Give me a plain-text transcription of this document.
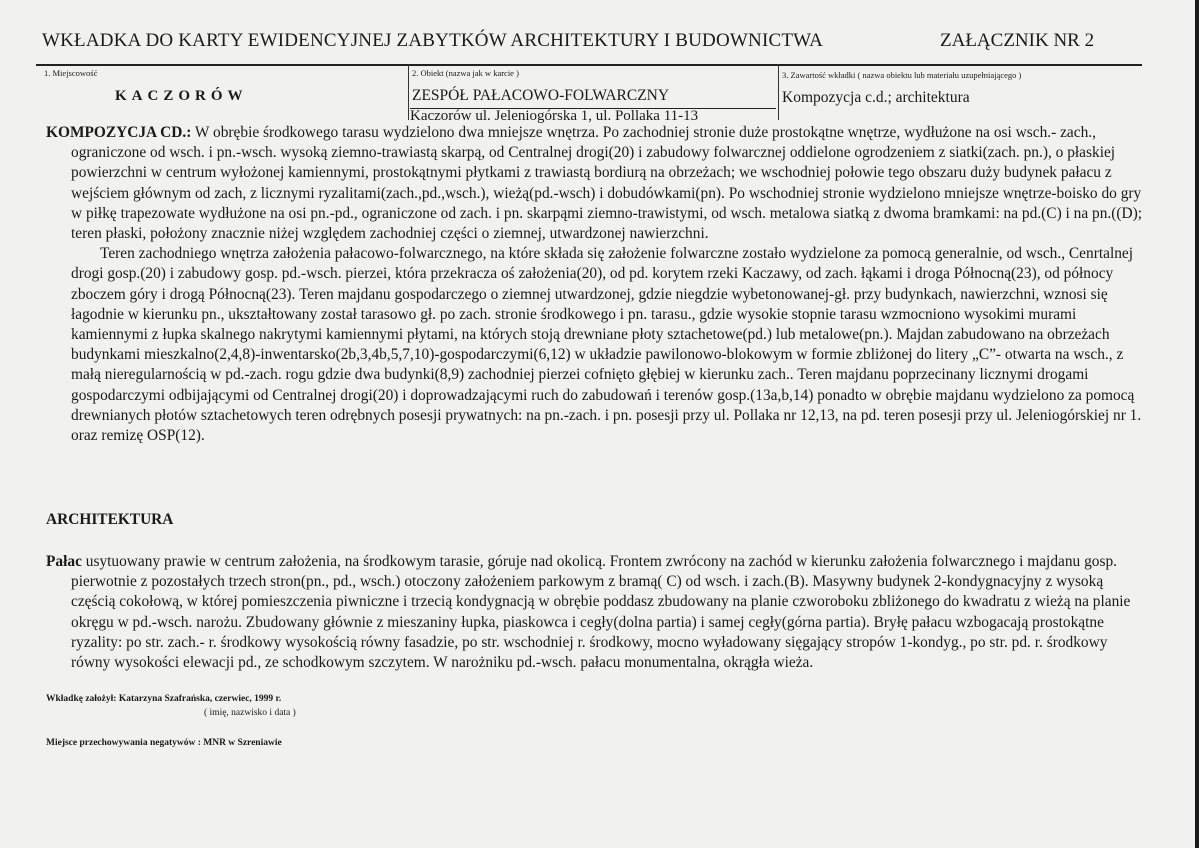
WKŁADKA DO KARTY EWIDENCYJNEJ ZABYTKÓW ARCHITEKTURY I BUDOWNICTWA	ZAŁĄCZNIK NR 2
1. Miejscowość
KACZORÓW
2. Obiekt (nazwa jak w karcie )
ZESPÓŁ PAŁACOWO-FOLWARCZNY
Kaczorów ul. Jeleniogórska 1, ul. Pollaka 11-13
3. Zawartość wkładki ( nazwa obiektu lub materiału uzupełniającego )
Kompozycja c.d.; architektura

KOMPOZYCJA CD.: W obrębie środkowego tarasu wydzielono dwa mniejsze wnętrza. Po zachodniej stronie duże prostokątne wnętrze, wydłużone na osi wsch.- zach., ograniczone od wsch. i pn.-wsch. wysoką ziemno-trawiastą skarpą, od Centralnej drogi(20) i zabudowy folwarcznej oddielone ogrodzeniem z siatki(zach. pn.), o płaskiej powierzchni w centrum wyłożonej kamiennymi, prostokątnymi płytkami z trawiastą bordiurą na obrzeżach; we wschodniej połowie tego obszaru duży budynek pałacu z wejściem głównym od zach, z licznymi ryzalitami(zach.,pd.,wsch.), wieżą(pd.-wsch) i dobudówkami(pn). Po wschodniej stronie wydzielono mniejsze wnętrze-boisko do gry w piłkę trapezowate wydłużone na osi pn.-pd., ograniczone od zach. i pn. skarpąmi ziemno-trawistymi, od wsch. metalowa siatką z dwoma bramkami: na pd.(C) i na pn.((D); teren płaski, położony znacznie niżej względem zachodniej części o ziemnej, utwardzonej nawierzchni.

Teren zachodniego wnętrza założenia pałacowo-folwarcznego, na które składa się założenie folwarczne zostało wydzielone za pomocą generalnie, od wsch., Cenrtalnej drogi gosp.(20) i zabudowy gosp. pd.-wsch. pierzei, która przekracza oś założenia(20), od pd. korytem rzeki Kaczawy, od zach. łąkami i droga Północną(23), od północy zboczem góry i drogą Północną(23). Teren majdanu gospodarczego o ziemnej utwardzonej, gdzie niegdzie wybetonowanej-gł. przy budynkach, nawierzchni, wznosi się łagodnie w kierunku pn., ukształtowany został tarasowo gł. po zach. stronie środkowego i pn. tarasu., gdzie wysokie stopnie tarasu wzmocniono wysokimi murami kamiennymi z łupka skalnego nakrytymi kamiennymi płytami, na których stoją drewniane płoty sztachetowe(pd.) lub metalowe(pn.). Majdan zabudowano na obrzeżach budynkami mieszkalno(2,4,8)-inwentarsko(2b,3,4b,5,7,10)-gospodarczymi(6,12) w układzie pawilonowo-blokowym w formie zbliżonej do litery „C”- otwarta na wsch., z małą nieregularnością w pd.-zach. rogu gdzie dwa budynki(8,9) zachodniej pierzei cofnięto głębiej w kierunku zach.. Teren majdanu poprzecinany licznymi drogami gospodarczymi odbijającymi od Centralnej drogi(20) i doprowadzającymi ruch do zabudowań i terenów gosp.(13a,b,14) ponadto w obrębie majdanu wydzielono za pomocą drewnianych płotów sztachetowych teren odrębnych posesji prywatnych: na pn.-zach. i pn. posesji przy ul. Pollaka nr 12,13, na pd. teren posesji przy ul. Jeleniogórskiej nr 1. oraz remizę OSP(12).

ARCHITEKTURA

Pałac usytuowany prawie w centrum założenia, na środkowym tarasie, góruje nad okolicą. Frontem zwrócony na zachód w kierunku założenia folwarcznego i majdanu gosp. pierwotnie z pozostałych trzech stron(pn., pd., wsch.) otoczony założeniem parkowym z bramą( C) od wsch. i zach.(B). Masywny budynek 2-kondygnacyjny z wysoką częścią cokołową, w której pomieszczenia piwniczne i trzecią kondygnacją w obrębie poddasz zbudowany na planie czworoboku zbliżonego do kwadratu z wieżą na planie okręgu w pd.-wsch. narożu. Zbudowany głównie z mieszaniny łupka, piaskowca i cegły(dolna partia) i samej cegły(górna partia). Bryłę pałacu wzbogacają prostokątne ryzality: po str. zach.- r. środkowy wysokością równy fasadzie, po str. wschodniej r. środkowy, mocno wyładowany sięgający stropów 1-kondyg., po str. pd. r. środkowy równy wysokości elewacji pd., ze schodkowym szczytem. W narożniku pd.-wsch. pałacu monumentalna, okrągła wieża.

Wkładkę założył: Katarzyna Szafrańska, czerwiec, 1999 r.
( imię, nazwisko i data )
Miejsce przechowywania negatywów : MNR w Szreniawie
